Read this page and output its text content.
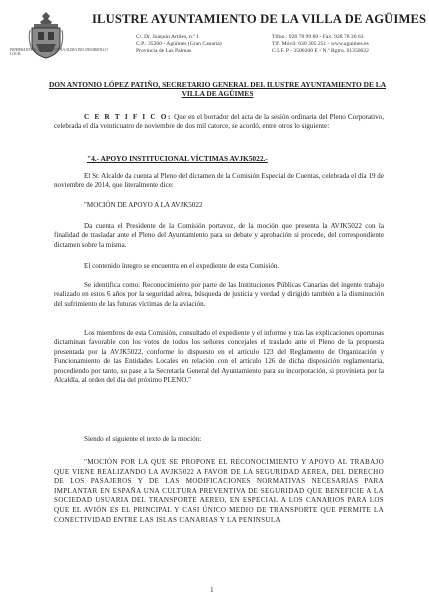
PRIMERA EN LA CREACIÓN DE LA ALDEA DEL DESARROLLO LOCAL
ILUSTRE AYUNTAMIENTO DE LA VILLA DE AGÜIMES
C/. Dr. Joaquín Artiles, n.º 1
C.P.: 35260 - Agüimes (Gran Canaria)
Provincia de Las Palmas
Tlfno.: 928 78 99 80 - Fax: 928 78 36 63
Tlf. Móvil: 630 305 251 - www.aguimes.es
C.I.F. P - 3500200 E - N.º Rgtro. 01350022
DON ANTONIO LÓPEZ PATIÑO, SECRETARIO GENERAL DEL ILUSTRE AYUNTAMIENTO DE LA VILLA DE AGÜIMES
C E R T I F I C O: Que en el borrador del acta de la sesión ordinaria del Pleno Corporativo, celebrada el día veinticuatro de noviembre de dos mil catorce, se acordó, entre otros lo siguiente:
"4.- APOYO INSTITUCIONAL VÍCTIMAS AVJK5022.-
El Sr. Alcalde da cuenta al Pleno del dictamen de la Comisión Especial de Cuentas, celebrada el día 19 de noviembre de 2014, que literalmente dice:
"MOCIÓN DE APOYO A LA AVJK5022
Da cuenta el Presidente de la Comisión portavoz, de la moción que presenta la AVJK5022 con la finalidad de trasladar ante el Pleno del Ayuntamiento para su debate y aprobación si procede, del correspondiente dictamen sobre la misma.
El contenido íntegro se encuentra en el expediente de esta Comisión.
Se identifica como: Reconocimiento por parte de las Instituciones Públicas Canarias del ingente trabajo realizado en estos 6 años por la seguridad aérea, búsqueda de justicia y verdad y dirigido también a la disminución del sufrimiento de las futuras víctimas de la aviación.
Los miembros de esta Comisión, consultado el expediente y el informe y tras las explicaciones oportunas dictaminan favorable con los votos de todos los señores concejales el traslado ante el Pleno de la propuesta presentada por la AVJK5022, conforme lo dispuesto en el artículo 123 del Reglamento de Organización y Funcionamiento de las Entidades Locales en relación con el artículo 126 de dicha disposición reglamentaria, procediendo por tanto, su pase a la Secretaría General del Ayuntamiento para su incorporación, si proviniera por la Alcaldía, al orden del día del próximo PLENO."
Siendo el siguiente el texto de la moción:
"MOCIÓN POR LA QUE SE PROPONE EL RECONOCIMIENTO Y APOYO AL TRABAJO QUE VIENE REALIZANDO LA AVJK5022 A FAVOR DE LA SEGURIDAD AEREA, DEL DERECHO DE LOS PASAJEROS Y DE LAS MODIFICACIONES NORMATIVAS NECESARIAS PARA IMPLANTAR EN ESPAÑA UNA CULTURA PREVENTIVA DE SEGURIDAD QUE BENEFICIE A LA SOCIEDAD USUARIA DEL TRANSPORTE AEREO, EN ESPECIAL A LOS CANARIOS PARA LOS QUE EL AVIÓN ES EL PRINCIPAL Y CASI ÚNICO MEDIO DE TRANSPORTE QUE PERMITE LA CONECTIVIDAD ENTRE LAS ISLAS CANARIAS Y LA PENINSULA
1
